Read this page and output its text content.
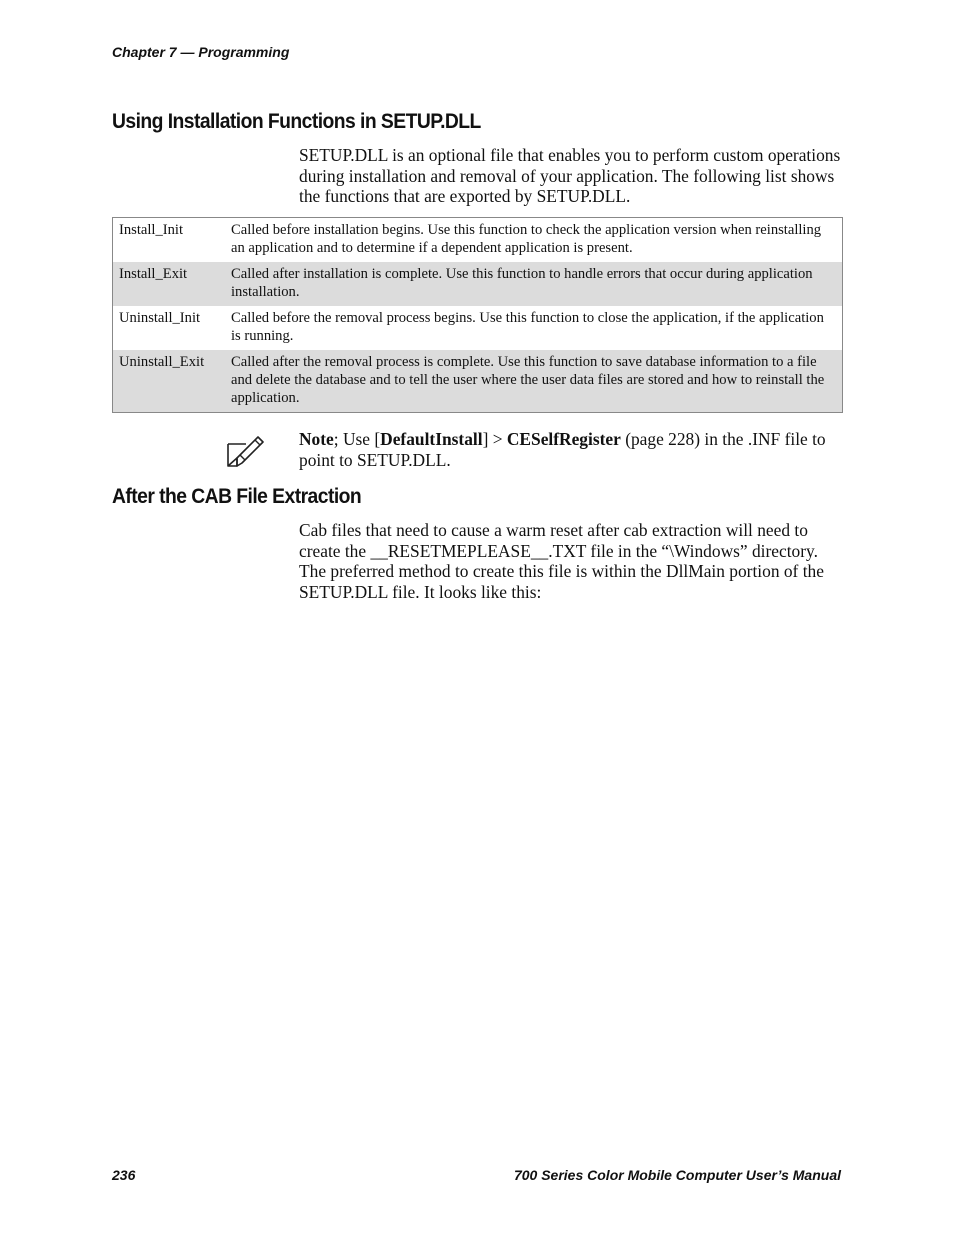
Chapter 7 — Programming
Using Installation Functions in SETUP.DLL

SETUP.DLL is an optional file that enables you to perform custom operations during installation and removal of your application. The following list shows the functions that are exported by SETUP.DLL.

Install_Init	Called before installation begins. Use this function to check the application version when reinstalling an application and to determine if a dependent application is present.
Install_Exit	Called after installation is complete. Use this function to handle errors that occur during application installation.
Uninstall_Init	Called before the removal process begins. Use this function to close the application, if the application is running.
Uninstall_Exit	Called after the removal process is complete. Use this function to save database information to a file and delete the database and to tell the user where the user data files are stored and how to reinstall the application.

Note; Use [DefaultInstall] > CESelfRegister (page 228) in the .INF file to point to SETUP.DLL.

After the CAB File Extraction

Cab files that need to cause a warm reset after cab extraction will need to create the __RESETMEPLEASE__.TXT file in the “\Windows” directory. The preferred method to create this file is within the DllMain portion of the SETUP.DLL file. It looks like this:

236	700 Series Color Mobile Computer User’s Manual
